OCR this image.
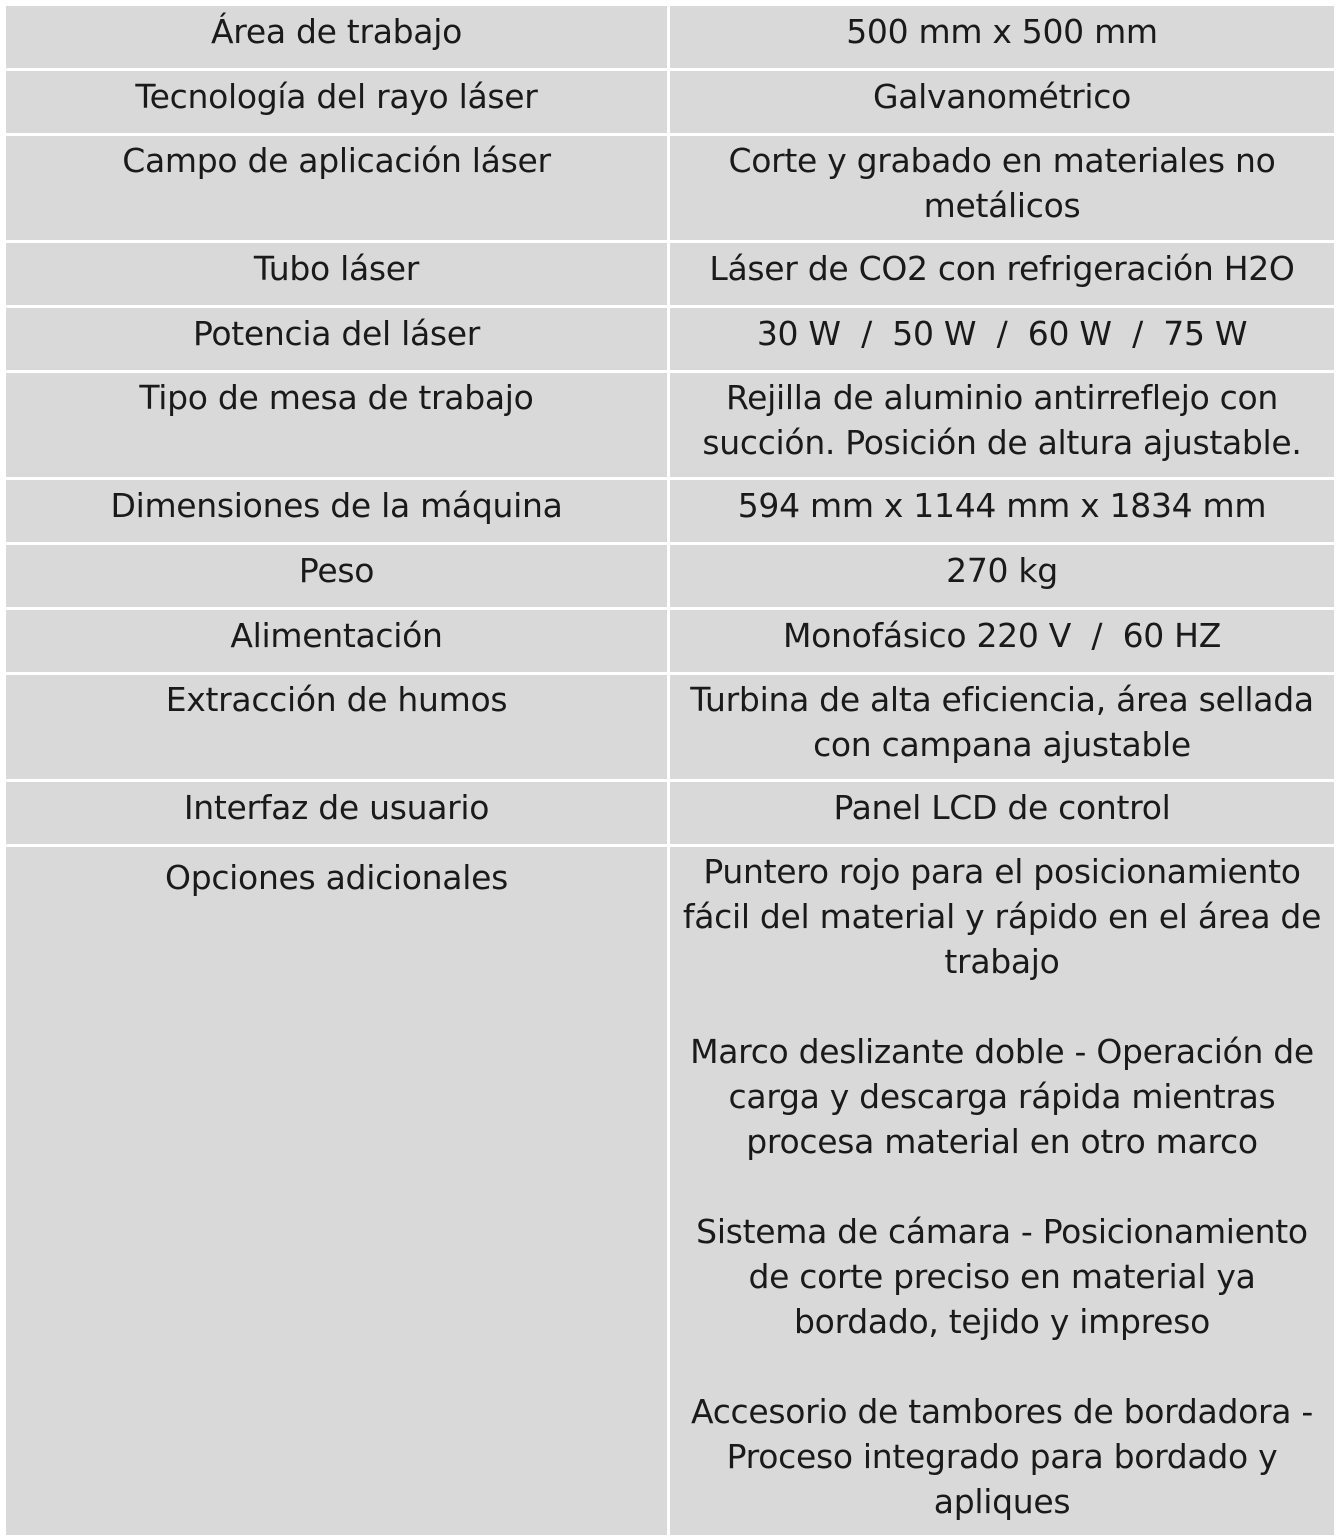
Área de trabajo	500 mm x 500 mm
Tecnología del rayo láser	Galvanométrico
Campo de aplicación láser	Corte y grabado en materiales no metálicos
Tubo láser	Láser de CO2 con refrigeración H2O
Potencia del láser	30 W  /  50 W  /  60 W  /  75 W
Tipo de mesa de trabajo	Rejilla de aluminio antirreflejo con succión. Posición de altura ajustable.
Dimensiones de la máquina	594 mm x 1144 mm x 1834 mm
Peso	270 kg
Alimentación	Monofásico 220 V  /  60 HZ
Extracción de humos	Turbina de alta eficiencia, área sellada con campana ajustable
Interfaz de usuario	Panel LCD de control
Opciones adicionales	Puntero rojo para el posicionamiento fácil del material y rápido en el área de trabajo
Marco deslizante doble - Operación de carga y descarga rápida mientras procesa material en otro marco
Sistema de cámara - Posicionamiento de corte preciso en material ya bordado, tejido y impreso
Accesorio de tambores de bordadora - Proceso integrado para bordado y apliques
